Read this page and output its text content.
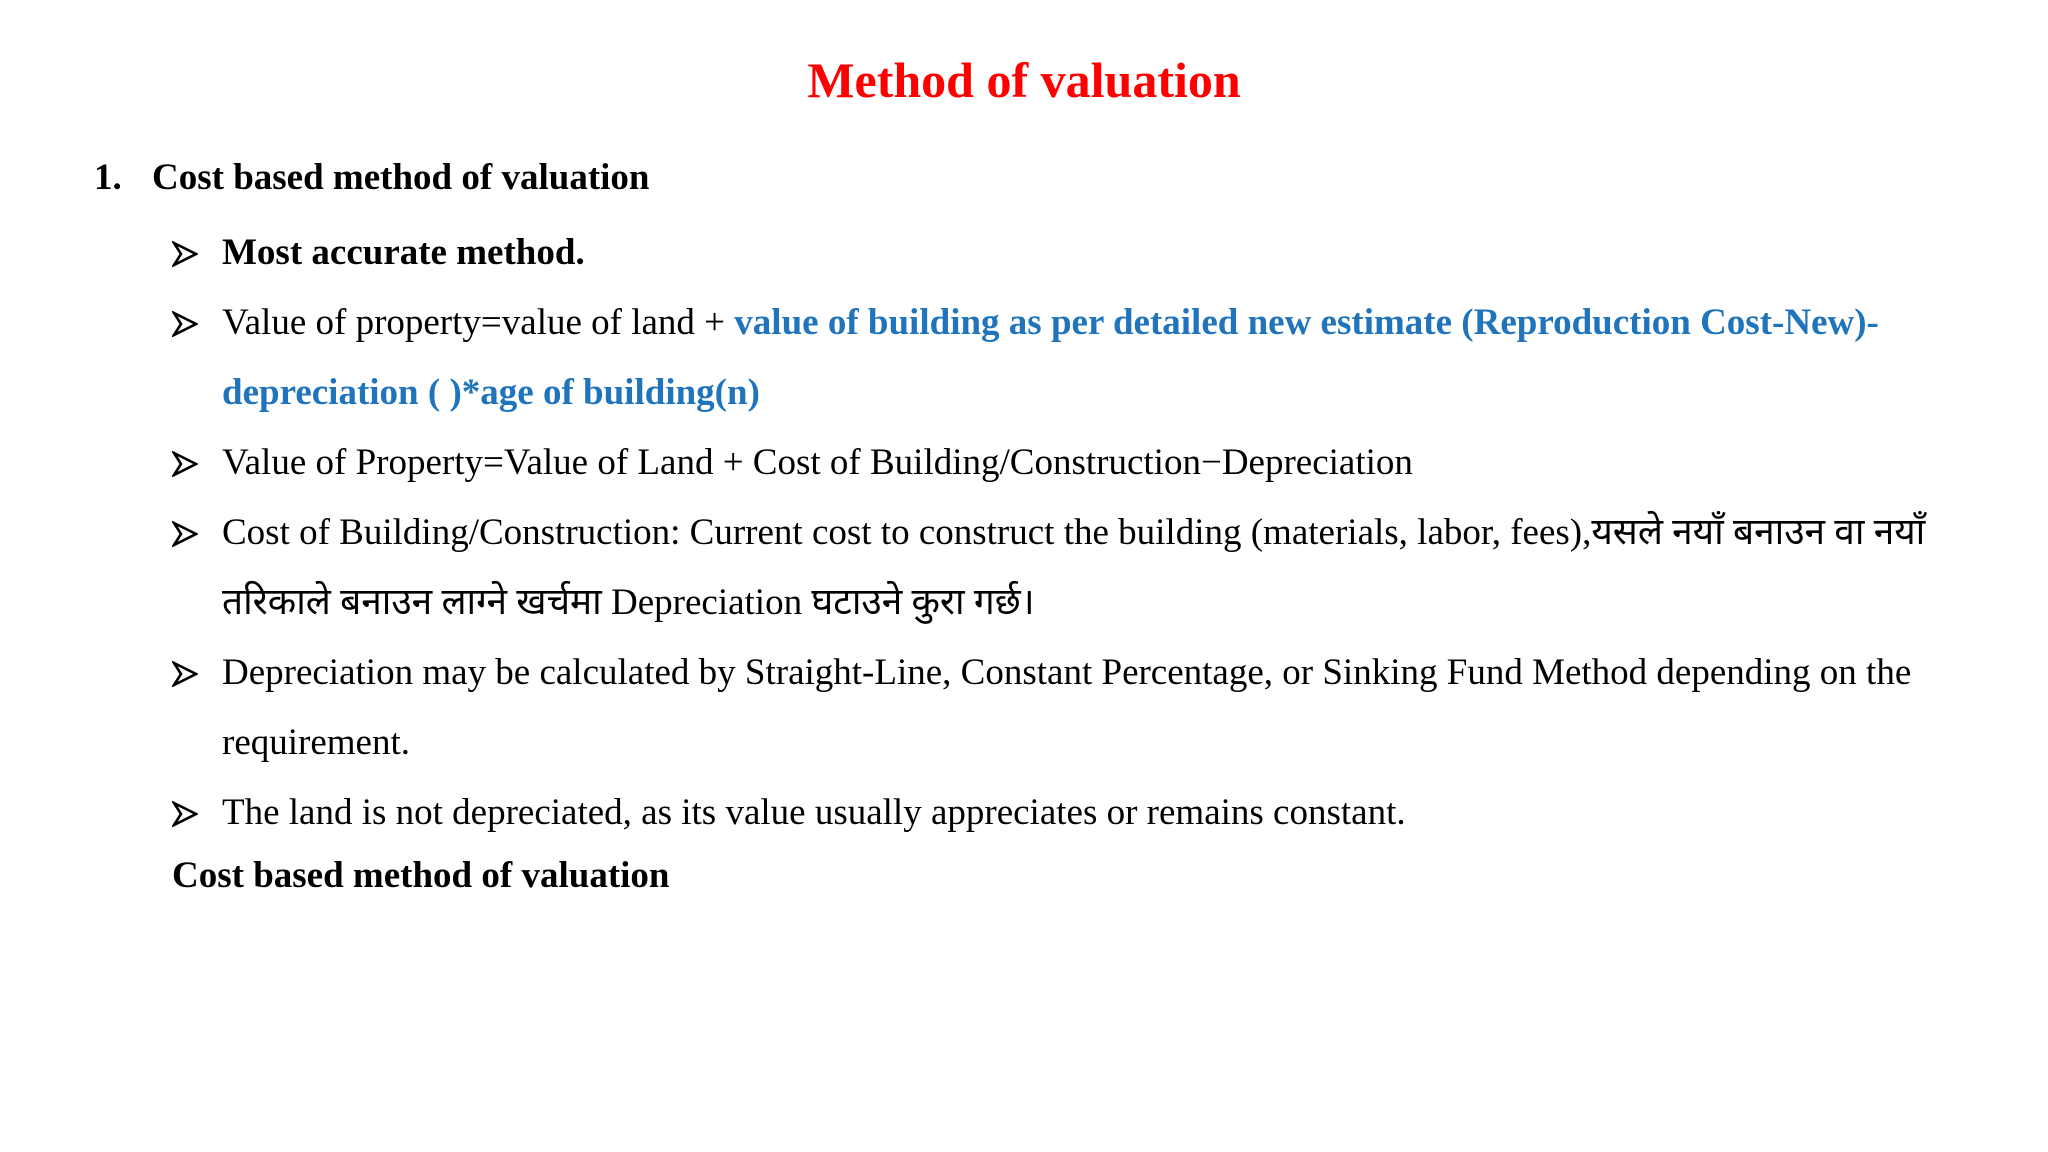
Method of valuation
1. Cost based method of valuation
Most accurate method.
Value of property=value of land + value of building as per detailed new estimate (Reproduction Cost-New)-depreciation ( )*age of building(n)
Value of Property=Value of Land + Cost of Building/Construction−Depreciation
Cost of Building/Construction: Current cost to construct the building (materials, labor, fees),यसले नयाँ बनाउन वा नयाँ तरिकाले बनाउन लाग्ने खर्चमा Depreciation घटाउने कुरा गर्छ।
Depreciation may be calculated by Straight-Line, Constant Percentage, or Sinking Fund Method depending on the requirement.
The land is not depreciated, as its value usually appreciates or remains constant.
Cost based method of valuation
